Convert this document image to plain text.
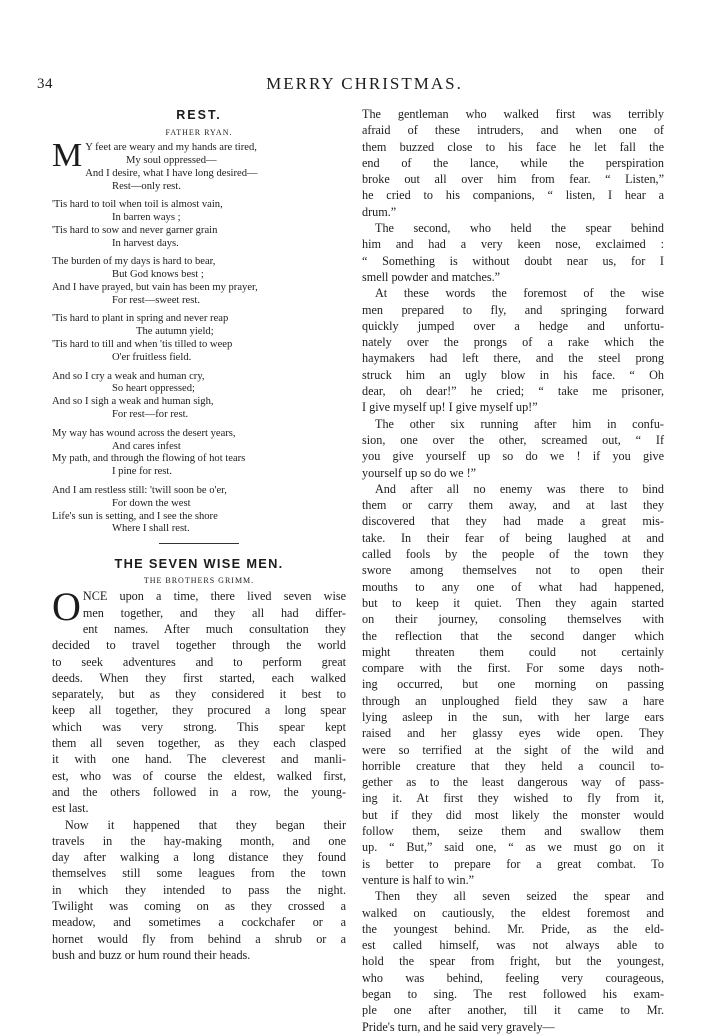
34	MERRY CHRISTMAS.
REST.
FATHER RYAN.
M Y feet are weary and my hands are tired,
My soul oppressed—
And I desire, what I have long desired—
Rest—only rest.
'Tis hard to toil when toil is almost vain,
In barren ways ;
'Tis hard to sow and never garner grain
In harvest days.
The burden of my days is hard to bear,
But God knows best ;
And I have prayed, but vain has been my prayer,
For rest—sweet rest.
'Tis hard to plant in spring and never reap
The autumn yield;
'Tis hard to till and when 'tis tilled to weep
O'er fruitless field.
And so I cry a weak and human cry,
So heart oppressed;
And so I sigh a weak and human sigh,
For rest—for rest.
My way has wound across the desert years,
And cares infest
My path, and through the flowing of hot tears
I pine for rest.
And I am restless still: 'twill soon be o'er,
For down the west
Life's sun is setting, and I see the shore
Where I shall rest.
THE SEVEN WISE MEN.
THE BROTHERS GRIMM.
O NCE upon a time, there lived seven wise
men together, and they all had differ-
ent names. After much consultation they
decided to travel together through the world
to seek adventures and to perform great
deeds. When they first started, each walked
separately, but as they considered it best to
keep all together, they procured a long spear
which was very strong. This spear kept
them all seven together, as they each clasped
it with one hand. The cleverest and manli-
est, who was of course the eldest, walked first,
and the others followed in a row, the young-
est last.
Now it happened that they began their
travels in the hay-making month, and one
day after walking a long distance they found
themselves still some leagues from the town
in which they intended to pass the night.
Twilight was coming on as they crossed a
meadow, and sometimes a cockchafer or a
hornet would fly from behind a shrub or a
bush and buzz or hum round their heads.
The gentleman who walked first was terribly
afraid of these intruders, and when one of
them buzzed close to his face he let fall the
end of the lance, while the perspiration
broke out all over him from fear. “ Listen,”
he cried to his companions, “ listen, I hear a
drum.”
The second, who held the spear behind
him and had a very keen nose, exclaimed :
“ Something is without doubt near us, for I
smell powder and matches.”
At these words the foremost of the wise
men prepared to fly, and springing forward
quickly jumped over a hedge and unfortu-
nately over the prongs of a rake which the
haymakers had left there, and the steel prong
struck him an ugly blow in his face. “ Oh
dear, oh dear!” he cried; “ take me prisoner,
I give myself up! I give myself up!”
The other six running after him in confu-
sion, one over the other, screamed out, “ If
you give yourself up so do we ! if you give
yourself up so do we !”
And after all no enemy was there to bind
them or carry them away, and at last they
discovered that they had made a great mis-
take. In their fear of being laughed at and
called fools by the people of the town they
swore among themselves not to open their
mouths to any one of what had happened,
but to keep it quiet. Then they again started
on their journey, consoling themselves with
the reflection that the second danger which
might threaten them could not certainly
compare with the first. For some days noth-
ing occurred, but one morning on passing
through an unploughed field they saw a hare
lying asleep in the sun, with her large ears
raised and her glassy eyes wide open. They
were so terrified at the sight of the wild and
horrible creature that they held a council to-
gether as to the least dangerous way of pass-
ing it. At first they wished to fly from it,
but if they did most likely the monster would
follow them, seize them and swallow them
up. “ But,” said one, “ as we must go on it
is better to prepare for a great combat. To
venture is half to win.”
Then they all seven seized the spear and
walked on cautiously, the eldest foremost and
the youngest behind. Mr. Pride, as the eld-
est called himself, was not always able to
hold the spear from fright, but the youngest,
who was behind, feeling very courageous,
began to sing. The rest followed his exam-
ple one after another, till it came to Mr.
Pride's turn, and he said very gravely—
